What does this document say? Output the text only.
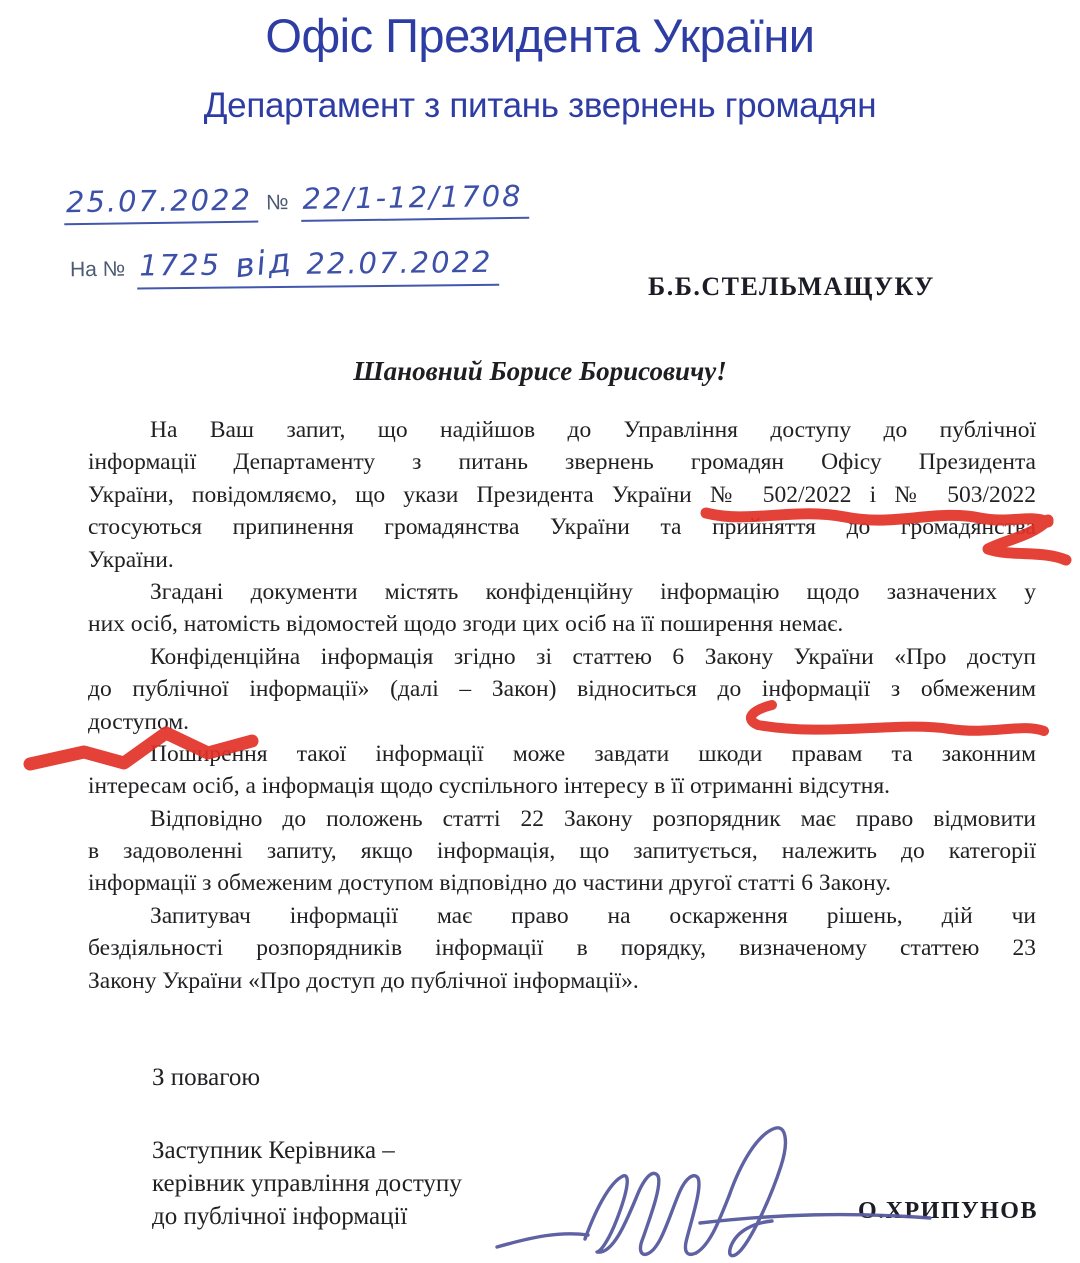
Офіс Президента України
Департамент з питань звернень громадян
25.07.2022 № 22/1-12/1708
На № 1725 від 22.07.2022
Б.Б.СТЕЛЬМАЩУКУ
Шановний Борисе Борисовичу!

На Ваш запит, що надійшов до Управління доступу до публічної
інформації Департаменту з питань звернень громадян Офісу Президента
України, повідомляємо, що укази Президента України № 502/2022 і № 503/2022
стосуються припинення громадянства України та прийняття до громадянства
України.

Згадані документи містять конфіденційну інформацію щодо зазначених у
них осіб, натомість відомостей щодо згоди цих осіб на її поширення немає.

Конфіденційна інформація згідно зі статтею 6 Закону України «Про доступ
до публічної інформації» (далі – Закон) відноситься до інформації з обмеженим
доступом.

Поширення такої інформації може завдати шкоди правам та законним
інтересам осіб, а інформація щодо суспільного інтересу в її отриманні відсутня.

Відповідно до положень статті 22 Закону розпорядник має право відмовити
в задоволенні запиту, якщо інформація, що запитується, належить до категорії
інформації з обмеженим доступом відповідно до частини другої статті 6 Закону.

Запитувач інформації має право на оскарження рішень, дій чи
бездіяльності розпорядників інформації в порядку, визначеному статтею 23
Закону України «Про доступ до публічної інформації».

З повагою
Заступник Керівника –
керівник управління доступу
до публічної інформації	О.ХРИПУНОВ
